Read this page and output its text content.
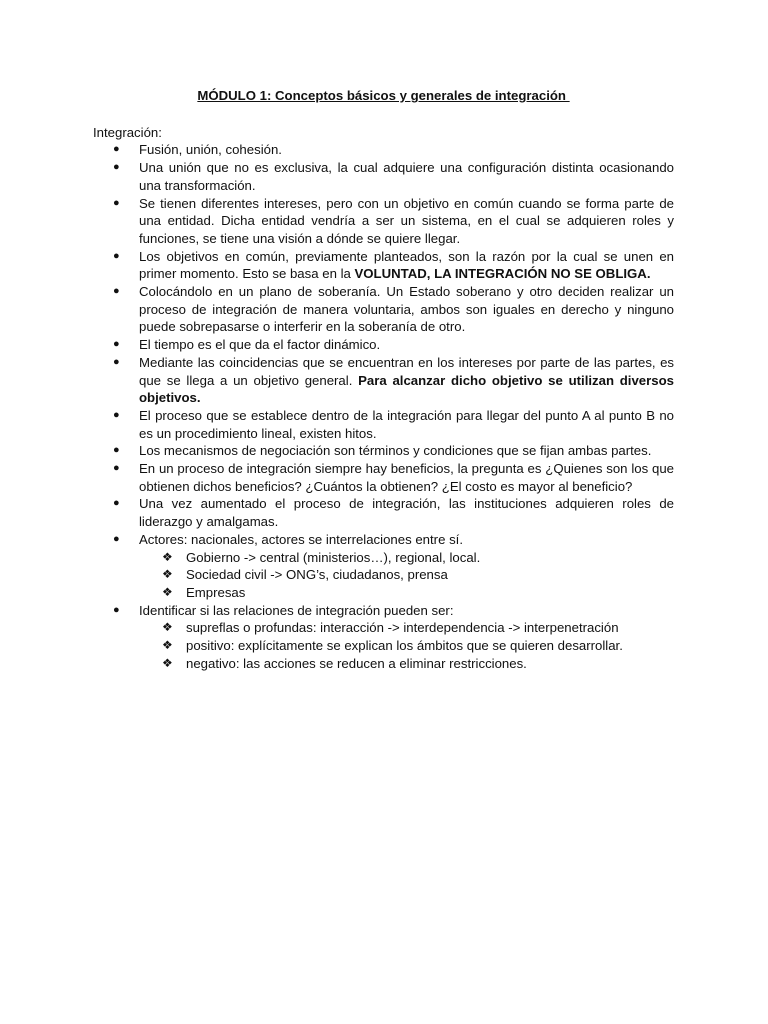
MÓDULO 1: Conceptos básicos y generales de integración

Integración:

● Fusión, unión, cohesión.
● Una unión que no es exclusiva, la cual adquiere una configuración distinta ocasionando una transformación.
● Se tienen diferentes intereses, pero con un objetivo en común cuando se forma parte de una entidad. Dicha entidad vendría a ser un sistema, en el cual se adquieren roles y funciones, se tiene una visión a dónde se quiere llegar.
● Los objetivos en común, previamente planteados, son la razón por la cual se unen en primer momento. Esto se basa en la VOLUNTAD, LA INTEGRACIÓN NO SE OBLIGA.
● Colocándolo en un plano de soberanía. Un Estado soberano y otro deciden realizar un proceso de integración de manera voluntaria, ambos son iguales en derecho y ninguno puede sobrepasarse o interferir en la soberanía de otro.
● El tiempo es el que da el factor dinámico.
● Mediante las coincidencias que se encuentran en los intereses por parte de las partes, es que se llega a un objetivo general. Para alcanzar dicho objetivo se utilizan diversos objetivos.
● El proceso que se establece dentro de la integración para llegar del punto A al punto B no es un procedimiento lineal, existen hitos.
● Los mecanismos de negociación son términos y condiciones que se fijan ambas partes.
● En un proceso de integración siempre hay beneficios, la pregunta es ¿Quienes son los que obtienen dichos beneficios? ¿Cuántos la obtienen? ¿El costo es mayor al beneficio?
● Una vez aumentado el proceso de integración, las instituciones adquieren roles de liderazgo y amalgamas.
● Actores: nacionales, actores se interrelaciones entre sí.
❖ Gobierno -> central (ministerios…), regional, local.
❖ Sociedad civil -> ONG’s, ciudadanos, prensa
❖ Empresas
● Identificar si las relaciones de integración pueden ser:
❖ supreflas o profundas: interacción -> interdependencia -> interpenetración
❖ positivo: explícitamente se explican los ámbitos que se quieren desarrollar.
❖ negativo: las acciones se reducen a eliminar restricciones.
